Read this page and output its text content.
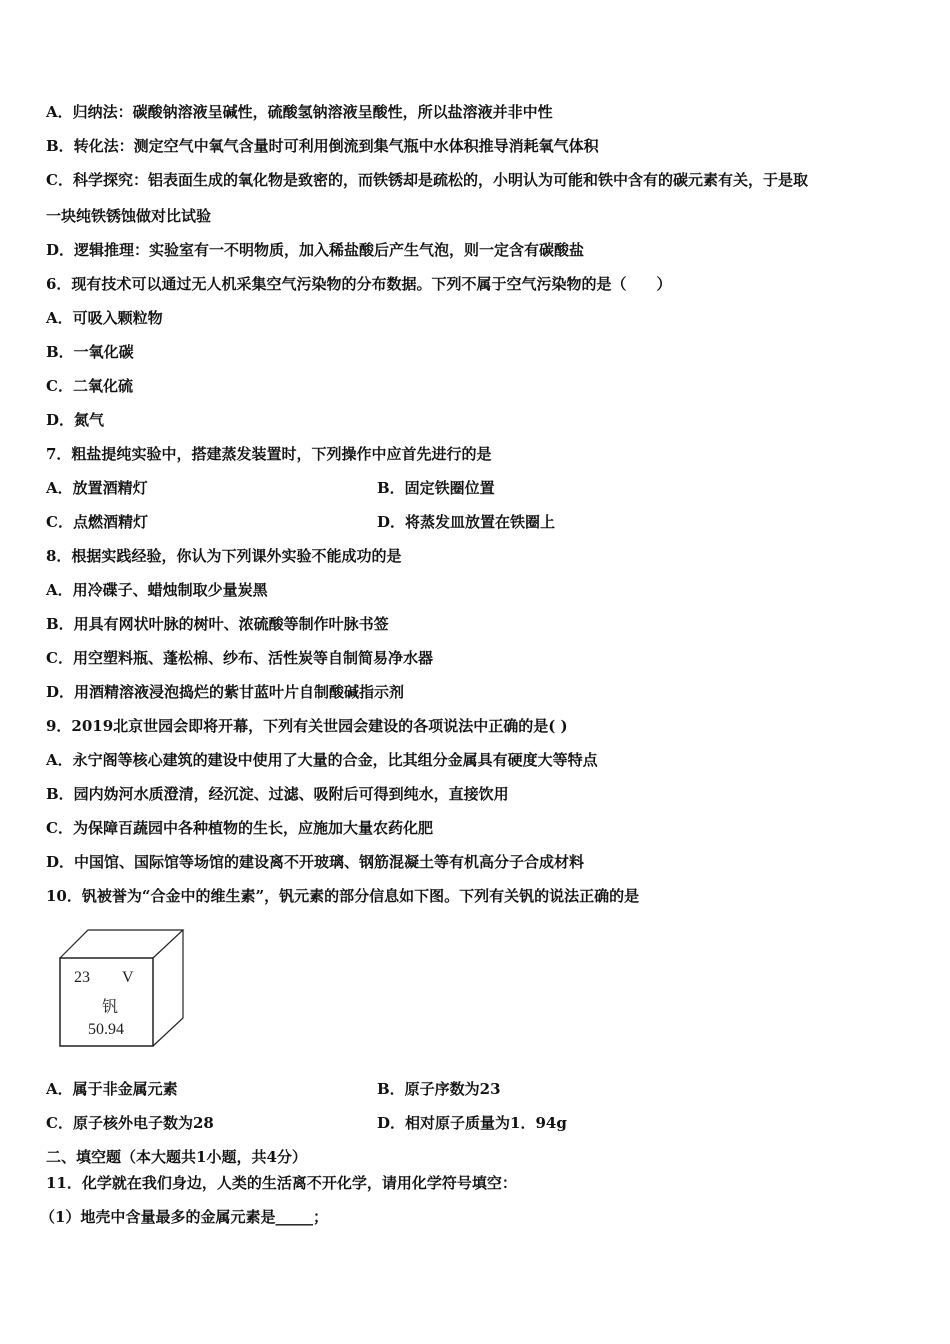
A．归纳法：碳酸钠溶液呈碱性，硫酸氢钠溶液呈酸性，所以盐溶液并非中性
B．转化法：测定空气中氧气含量时可利用倒流到集气瓶中水体积推导消耗氧气体积
C．科学探究：铝表面生成的氧化物是致密的，而铁锈却是疏松的，小明认为可能和铁中含有的碳元素有关，于是取
一块纯铁锈蚀做对比试验
D．逻辑推理：实验室有一不明物质，加入稀盐酸后产生气泡，则一定含有碳酸盐
6．现有技术可以通过无人机采集空气污染物的分布数据。下列不属于空气污染物的是（　　）
A．可吸入颗粒物
B．一氧化碳
C．二氧化硫
D．氮气
7．粗盐提纯实验中，搭建蒸发装置时，下列操作中应首先进行的是
A．放置酒精灯	B．固定铁圈位置
C．点燃酒精灯	D．将蒸发皿放置在铁圈上
8．根据实践经验，你认为下列课外实验不能成功的是
A．用冷碟子、蜡烛制取少量炭黑
B．用具有网状叶脉的树叶、浓硫酸等制作叶脉书签
C．用空塑料瓶、蓬松棉、纱布、活性炭等自制简易净水器
D．用酒精溶液浸泡捣烂的紫甘蓝叶片自制酸碱指示剂
9．2019北京世园会即将开幕，下列有关世园会建设的各项说法中正确的是( )
A．永宁阁等核心建筑的建设中使用了大量的合金，比其组分金属具有硬度大等特点
B．园内妫河水质澄清，经沉淀、过滤、吸附后可得到纯水，直接饮用
C．为保障百蔬园中各种植物的生长，应施加大量农药化肥
D．中国馆、国际馆等场馆的建设离不开玻璃、钢筋混凝土等有机高分子合成材料
10．钒被誉为“合金中的维生素”，钒元素的部分信息如下图。下列有关钒的说法正确的是
23 V
钒
50.94
A．属于非金属元素	B．原子序数为23
C．原子核外电子数为28	D．相对原子质量为1．94g
二、填空题（本大题共1小题，共4分）
11．化学就在我们身边，人类的生活离不开化学，请用化学符号填空：
（1）地壳中含量最多的金属元素是_____；
